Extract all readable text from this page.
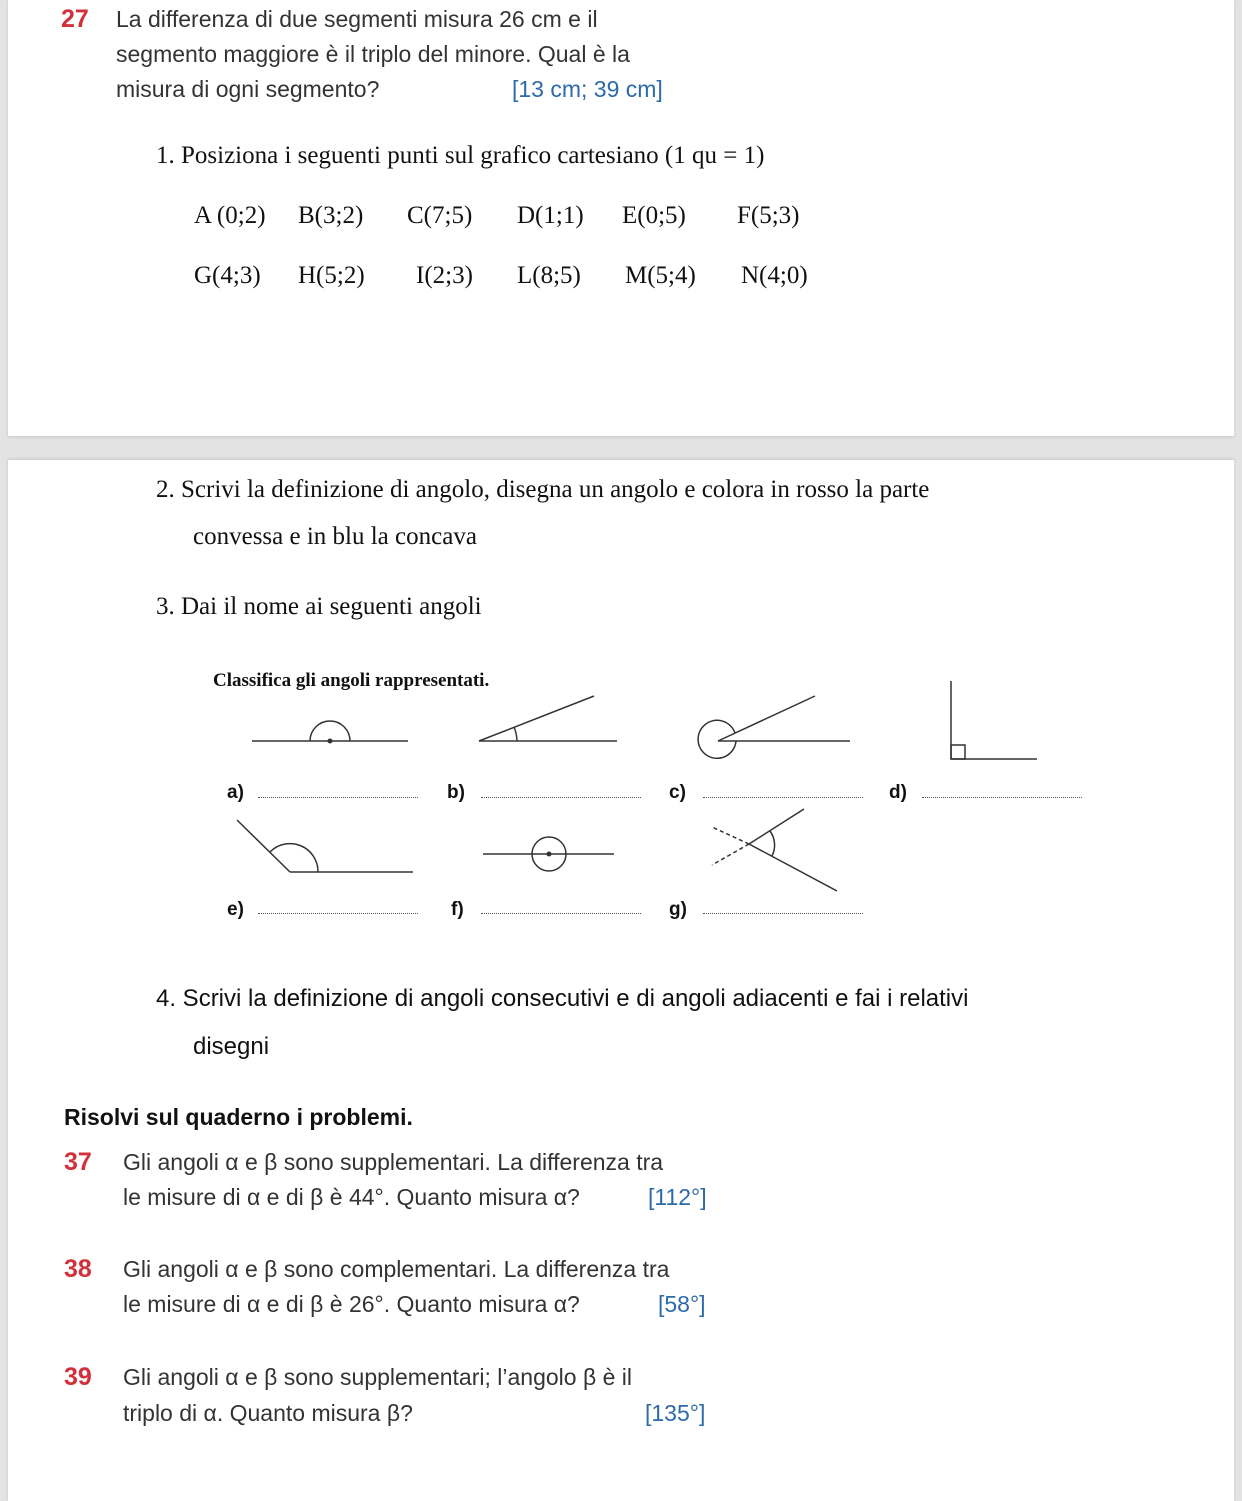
27 La differenza di due segmenti misura 26 cm e il
segmento maggiore è il triplo del minore. Qual è la
misura di ogni segmento?	[13 cm; 39 cm]
1. Posiziona i seguenti punti sul grafico cartesiano (1 qu = 1)
A (0;2) B(3;2) C(7;5) D(1;1) E(0;5) F(5;3)
G(4;3) H(5;2) I(2;3) L(8;5) M(5;4) N(4;0)
2. Scrivi la definizione di angolo, disegna un angolo e colora in rosso la parte
convessa e in blu la concava
3. Dai il nome ai seguenti angoli
Classifica gli angoli rappresentati.
a)	b)	c)	d)
e)	f)	g)
4. Scrivi la definizione di angoli consecutivi e di angoli adiacenti e fai i relativi
disegni
Risolvi sul quaderno i problemi.
37 Gli angoli α e β sono supplementari. La differenza tra
le misure di α e di β è 44°. Quanto misura α?	[112°]
38 Gli angoli α e β sono complementari. La differenza tra
le misure di α e di β è 26°. Quanto misura α?	[58°]
39 Gli angoli α e β sono supplementari; l’angolo β è il
triplo di α. Quanto misura β?	[135°]
